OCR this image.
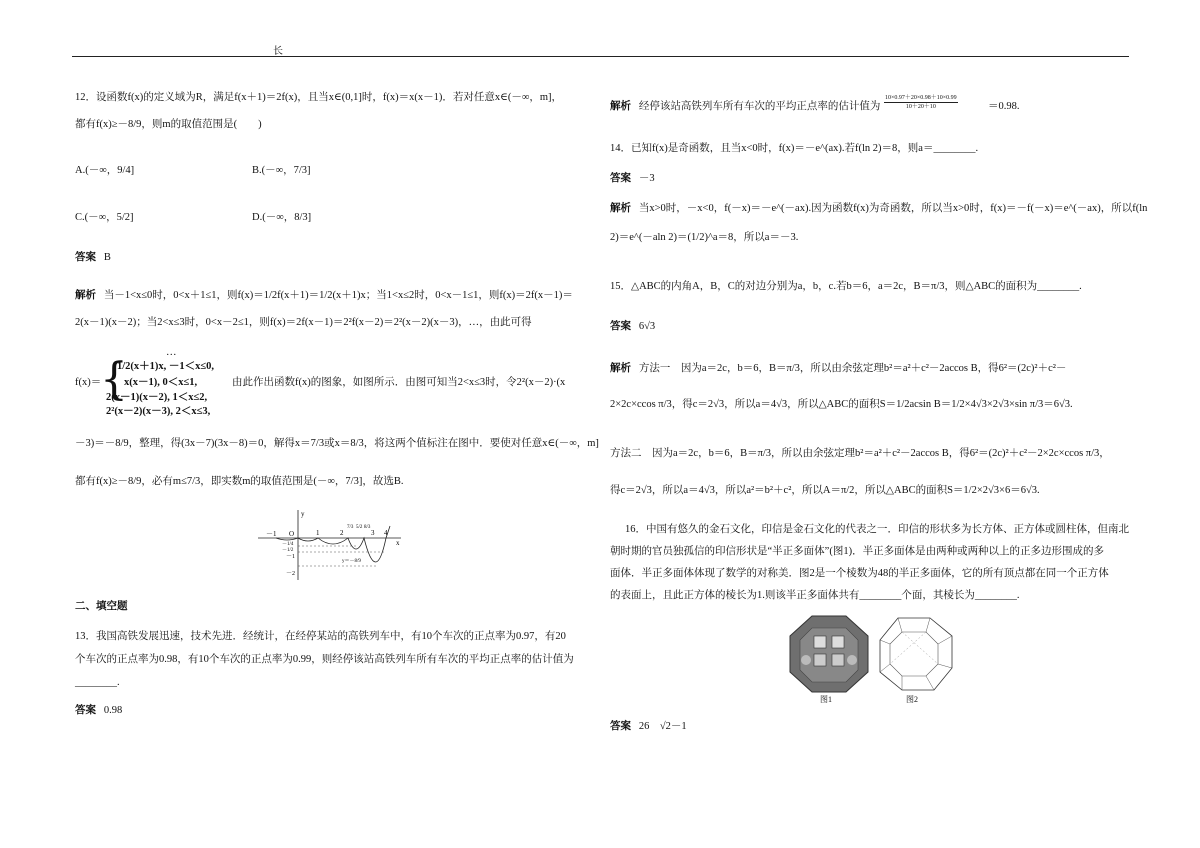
长
12．设函数f(x)的定义域为R，满足f(x＋1)＝2f(x)，且当x∈(0,1]时，f(x)＝x(x－1)．若对任意x∈(－∞，m]，
都有f(x)≥－8/9，则m的取值范围是(　　)
A.(－∞，9/4]	B.(－∞，7/3]
C.(－∞，5/2]	D.(－∞，8/3]
答案 B
解析 当－1<x≤0时，0<x＋1≤1，则f(x)＝1/2f(x＋1)＝1/2(x＋1)x；当1<x≤2时，0<x－1≤1，则f(x)＝2f(x－1)＝
2(x－1)(x－2)；当2<x≤3时，0<x－2≤1，则f(x)＝2f(x－1)＝2²f(x－2)＝2²(x－2)(x－3)，…，由此可得
f(x)＝
{
…
1/2(x＋1)x, －1＜x≤0,
x(x－1), 0＜x≤1,
2(x－1)(x－2), 1＜x≤2,
2²(x－2)(x－3), 2＜x≤3,
由此作出函数f(x)的图象，如图所示．由图可知当2<x≤3时，令2²(x－2)·(x
－3)＝－8/9，整理，得(3x－7)(3x－8)＝0，解得x＝7/3或x＝8/3，将这两个值标注在图中．要使对任意x∈(－∞，m]
都有f(x)≥－8/9，必有m≤7/3，即实数m的取值范围是(－∞，7/3]，故选B.
－1 O	1	2
7/3 5/2 8/3
3 4
x
y
－1/4
－1/2
－1
－2
y＝－8/9
二、填空题
13．我国高铁发展迅速，技术先进．经统计，在经停某站的高铁列车中，有10个车次的正点率为0.97，有20
个车次的正点率为0.98，有10个车次的正点率为0.99，则经停该站高铁列车所有车次的平均正点率的估计值为
________.
答案 0.98
解析 经停该站高铁列车所有车次的平均正点率的估计值为 $\frac{10\times 0.97+20\times 0.98+10\times 0.99}{10+20+10}$	＝0.98.
14．已知f(x)是奇函数，且当x<0时，f(x)＝－e^(ax).若f(ln 2)＝8，则a＝________.
答案 －3
解析 当x>0时，－x<0，f(－x)＝－e^(－ax).因为函数f(x)为奇函数，所以当x>0时，f(x)＝－f(－x)＝e^(－ax)，所以f(ln
2)＝e^(－aln 2)＝(1/2)^a＝8，所以a＝－3.
15．△ABC的内角A，B，C的对边分别为a，b，c.若b＝6，a＝2c，B＝π/3，则△ABC的面积为________.
答案 6√3
解析 方法一　因为a＝2c，b＝6，B＝π/3，所以由余弦定理b²＝a²＋c²－2accos B，得6²＝(2c)²＋c²－
2×2c×ccos π/3，得c＝2√3，所以a＝4√3，所以△ABC的面积S＝1/2acsin B＝1/2×4√3×2√3×sin π/3＝6√3.
方法二　因为a＝2c，b＝6，B＝π/3，所以由余弦定理b²＝a²＋c²－2accos B，得6²＝(2c)²＋c²－2×2c×ccos π/3，
得c＝2√3，所以a＝4√3，所以a²＝b²＋c²，所以A＝π/2，所以△ABC的面积S＝1/2×2√3×6＝6√3.
16．中国有悠久的金石文化，印信是金石文化的代表之一．印信的形状多为长方体、正方体或圆柱体，但南北
朝时期的官员独孤信的印信形状是“半正多面体”(图1)．半正多面体是由两种或两种以上的正多边形围成的多
面体．半正多面体体现了数学的对称美．图2是一个棱数为48的半正多面体，它的所有顶点都在同一个正方体
的表面上，且此正方体的棱长为1.则该半正多面体共有________个面，其棱长为________.
图1	图2
答案 26　√2－1
